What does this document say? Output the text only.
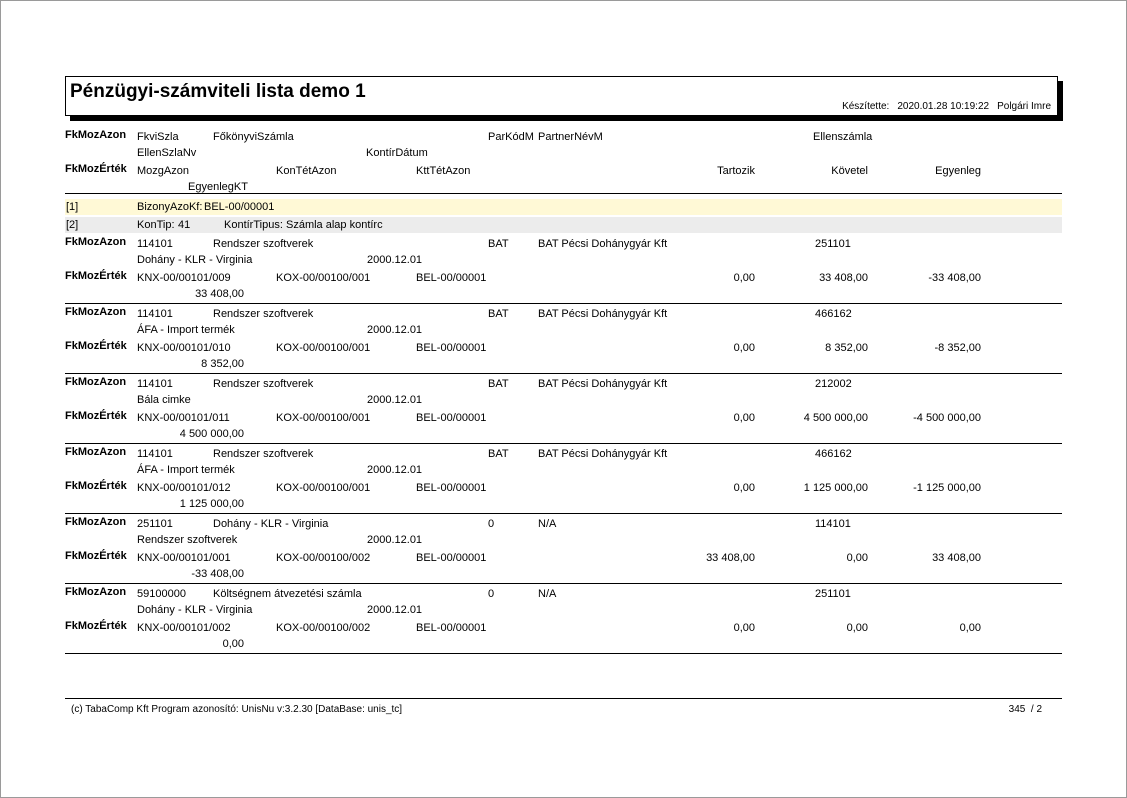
Pénzügyi-számviteli lista demo 1
Készítette: 2020.01.28 10:19:22 Polgári Imre
FkMozAzon FkviSzla	FőkönyviSzámla	ParKódM PartnerNévM	Ellenszámla
EllenSzlaNv	KontírDátum
FkMozÉrték MozgAzon	KonTétAzon	KttTétAzon	Tartozik	Követel	Egyenleg
EgyenlegKT
[1]	BizonyAzoKf: BEL-00/00001
[2]	KonTip: 41	KontírTipus: Számla alap kontírc
FkMozAzon 114101	Rendszer szoftverek	BAT	BAT Pécsi Dohánygyár Kft	251101
Dohány - KLR - Virginia	2000.12.01
FkMozÉrték KNX-00/00101/009	KOX-00/00100/001	BEL-00/00001	0,00	33 408,00	-33 408,00
33 408,00
FkMozAzon 114101	Rendszer szoftverek	BAT	BAT Pécsi Dohánygyár Kft	466162
ÁFA - Import termék	2000.12.01
FkMozÉrték KNX-00/00101/010	KOX-00/00100/001	BEL-00/00001	0,00	8 352,00	-8 352,00
8 352,00
FkMozAzon 114101	Rendszer szoftverek	BAT	BAT Pécsi Dohánygyár Kft	212002
Bála cimke	2000.12.01
FkMozÉrték KNX-00/00101/011	KOX-00/00100/001	BEL-00/00001	0,00	4 500 000,00	-4 500 000,00
4 500 000,00
FkMozAzon 114101	Rendszer szoftverek	BAT	BAT Pécsi Dohánygyár Kft	466162
ÁFA - Import termék	2000.12.01
FkMozÉrték KNX-00/00101/012	KOX-00/00100/001	BEL-00/00001	0,00	1 125 000,00	-1 125 000,00
1 125 000,00
FkMozAzon 251101	Dohány - KLR - Virginia	0	N/A	114101
Rendszer szoftverek	2000.12.01
FkMozÉrték KNX-00/00101/001	KOX-00/00100/002	BEL-00/00001	33 408,00	0,00	33 408,00
-33 408,00
FkMozAzon 59100000 Költségnem átvezetési számla	0	N/A	251101
Dohány - KLR - Virginia	2000.12.01
FkMozÉrték KNX-00/00101/002	KOX-00/00100/002	BEL-00/00001	0,00	0,00	0,00
0,00
(c) TabaComp Kft Program azonosító: UnisNu v:3.2.30 [DataBase: unis_tc]	345  / 2
